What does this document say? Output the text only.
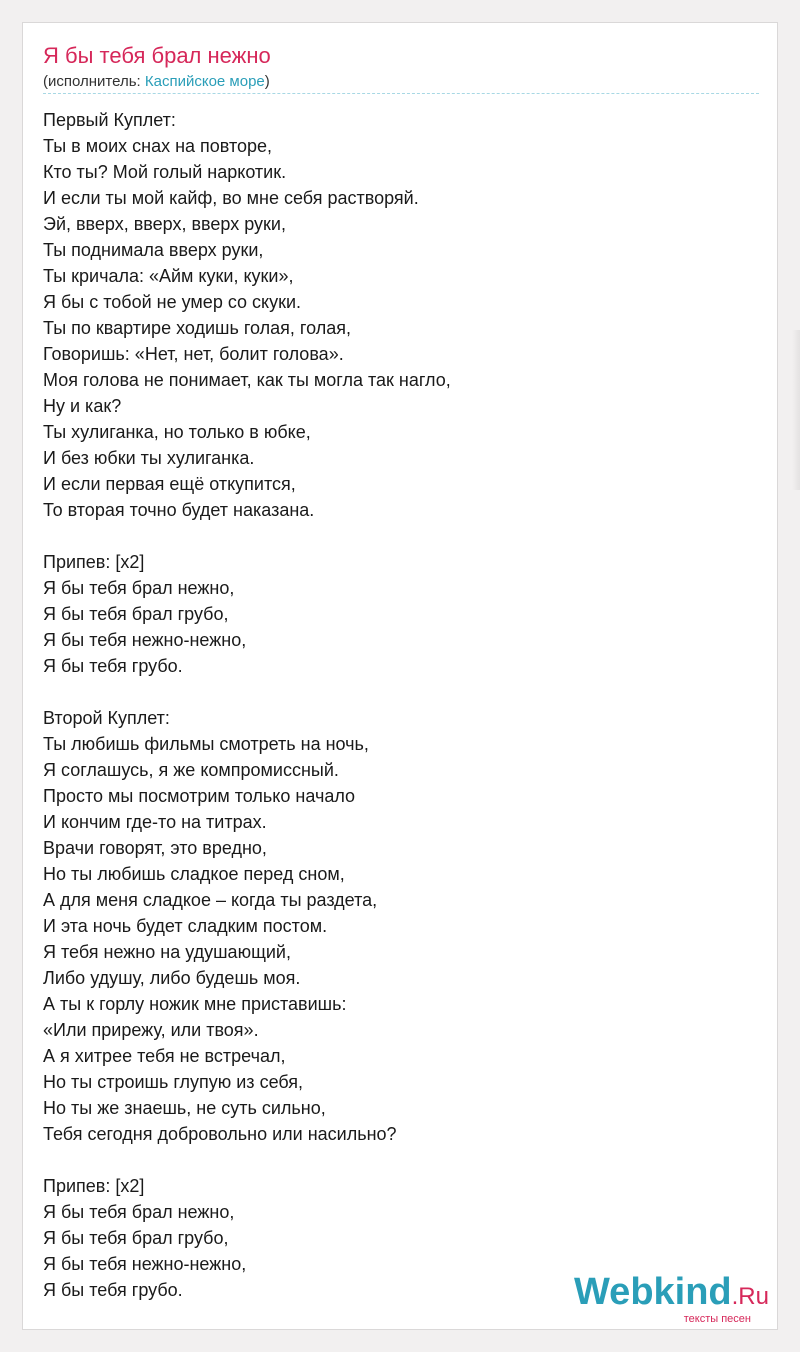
Я бы тебя брал нежно
(исполнитель: Каспийское море)
Первый Куплет:
Ты в моих снах на повторе,
Кто ты? Мой голый наркотик.
И если ты мой кайф, во мне себя растворяй.
Эй, вверх, вверх, вверх руки,
Ты поднимала вверх руки,
Ты кричала: «Айм куки, куки»,
Я бы с тобой не умер со скуки.
Ты по квартире ходишь голая, голая,
Говоришь: «Нет, нет, болит голова».
Моя голова не понимает, как ты могла так нагло,
Ну и как?
Ты хулиганка, но только в юбке,
И без юбки ты хулиганка.
И если первая ещё откупится,
То вторая точно будет наказана.
Припев: [x2]
Я бы тебя брал нежно,
Я бы тебя брал грубо,
Я бы тебя нежно-нежно,
Я бы тебя грубо.
Второй Куплет:
Ты любишь фильмы смотреть на ночь,
Я соглашусь, я же компромиссный.
Просто мы посмотрим только начало
И кончим где-то на титрах.
Врачи говорят, это вредно,
Но ты любишь сладкое перед сном,
А для меня сладкое – когда ты раздета,
И эта ночь будет сладким постом.
Я тебя нежно на удушающий,
Либо удушу, либо будешь моя.
А ты к горлу ножик мне приставишь:
«Или прирежу, или твоя».
А я хитрее тебя не встречал,
Но ты строишь глупую из себя,
Но ты же знаешь, не суть сильно,
Тебя сегодня добровольно или насильно?
Припев: [x2]
Я бы тебя брал нежно,
Я бы тебя брал грубо,
Я бы тебя нежно-нежно,
Я бы тебя грубо.	Webkind.Ru
тексты песен
